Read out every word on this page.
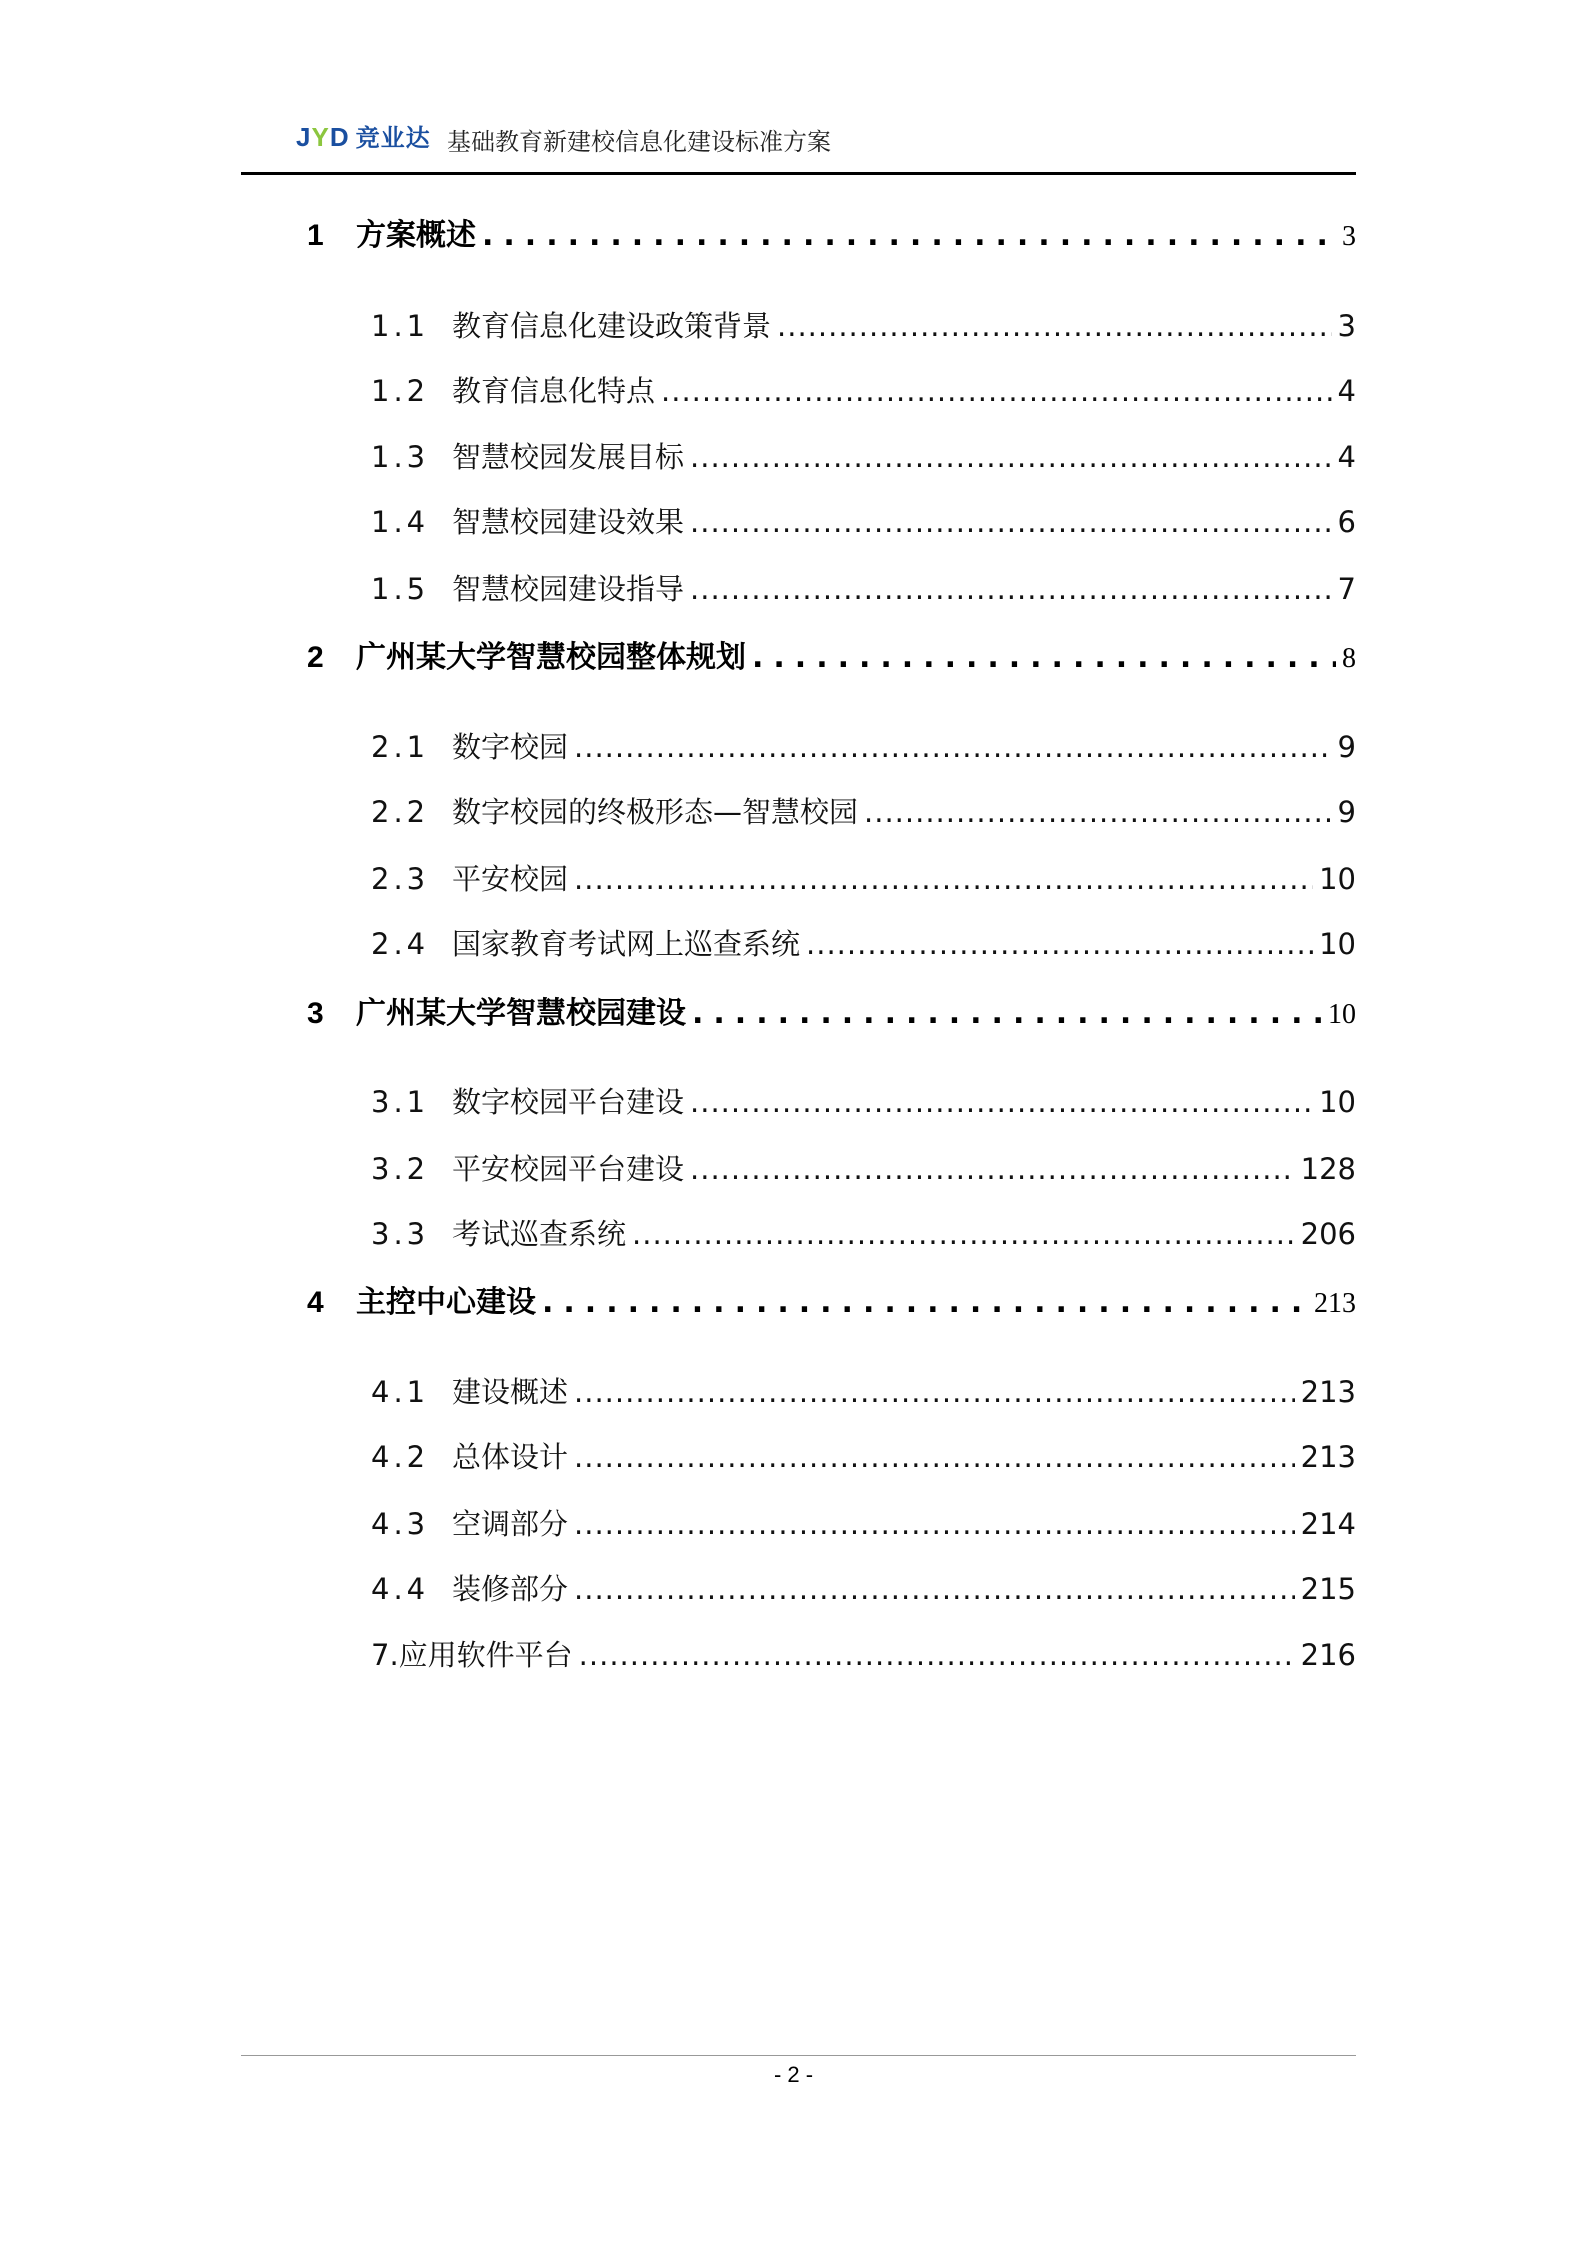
JYD 竞业达 基础教育新建校信息化建设标准方案
1	方案概述 .....	3
1.1 教育信息化建设政策背景 .....	3
1.2 教育信息化特点 .....	4
1.3 智慧校园发展目标 .....	4
1.4 智慧校园建设效果 .....	6
1.5 智慧校园建设指导 .....	7
2	广州某大学智慧校园整体规划 .....	8
2.1 数字校园 .....	9
2.2 数字校园的终极形态—智慧校园 .....	9
2.3 平安校园 .....	10
2.4 国家教育考试网上巡查系统 .....	10
3	广州某大学智慧校园建设 .....	10
3.1 数字校园平台建设 .....	10
3.2 平安校园平台建设 .....	128
3.3 考试巡查系统 .....	206
4	主控中心建设 .....	213
4.1 建设概述 .....	213
4.2 总体设计 .....	213
4.3 空调部分 .....	214
4.4 装修部分 .....	215
7.应用软件平台 .....	216
- 2 -
